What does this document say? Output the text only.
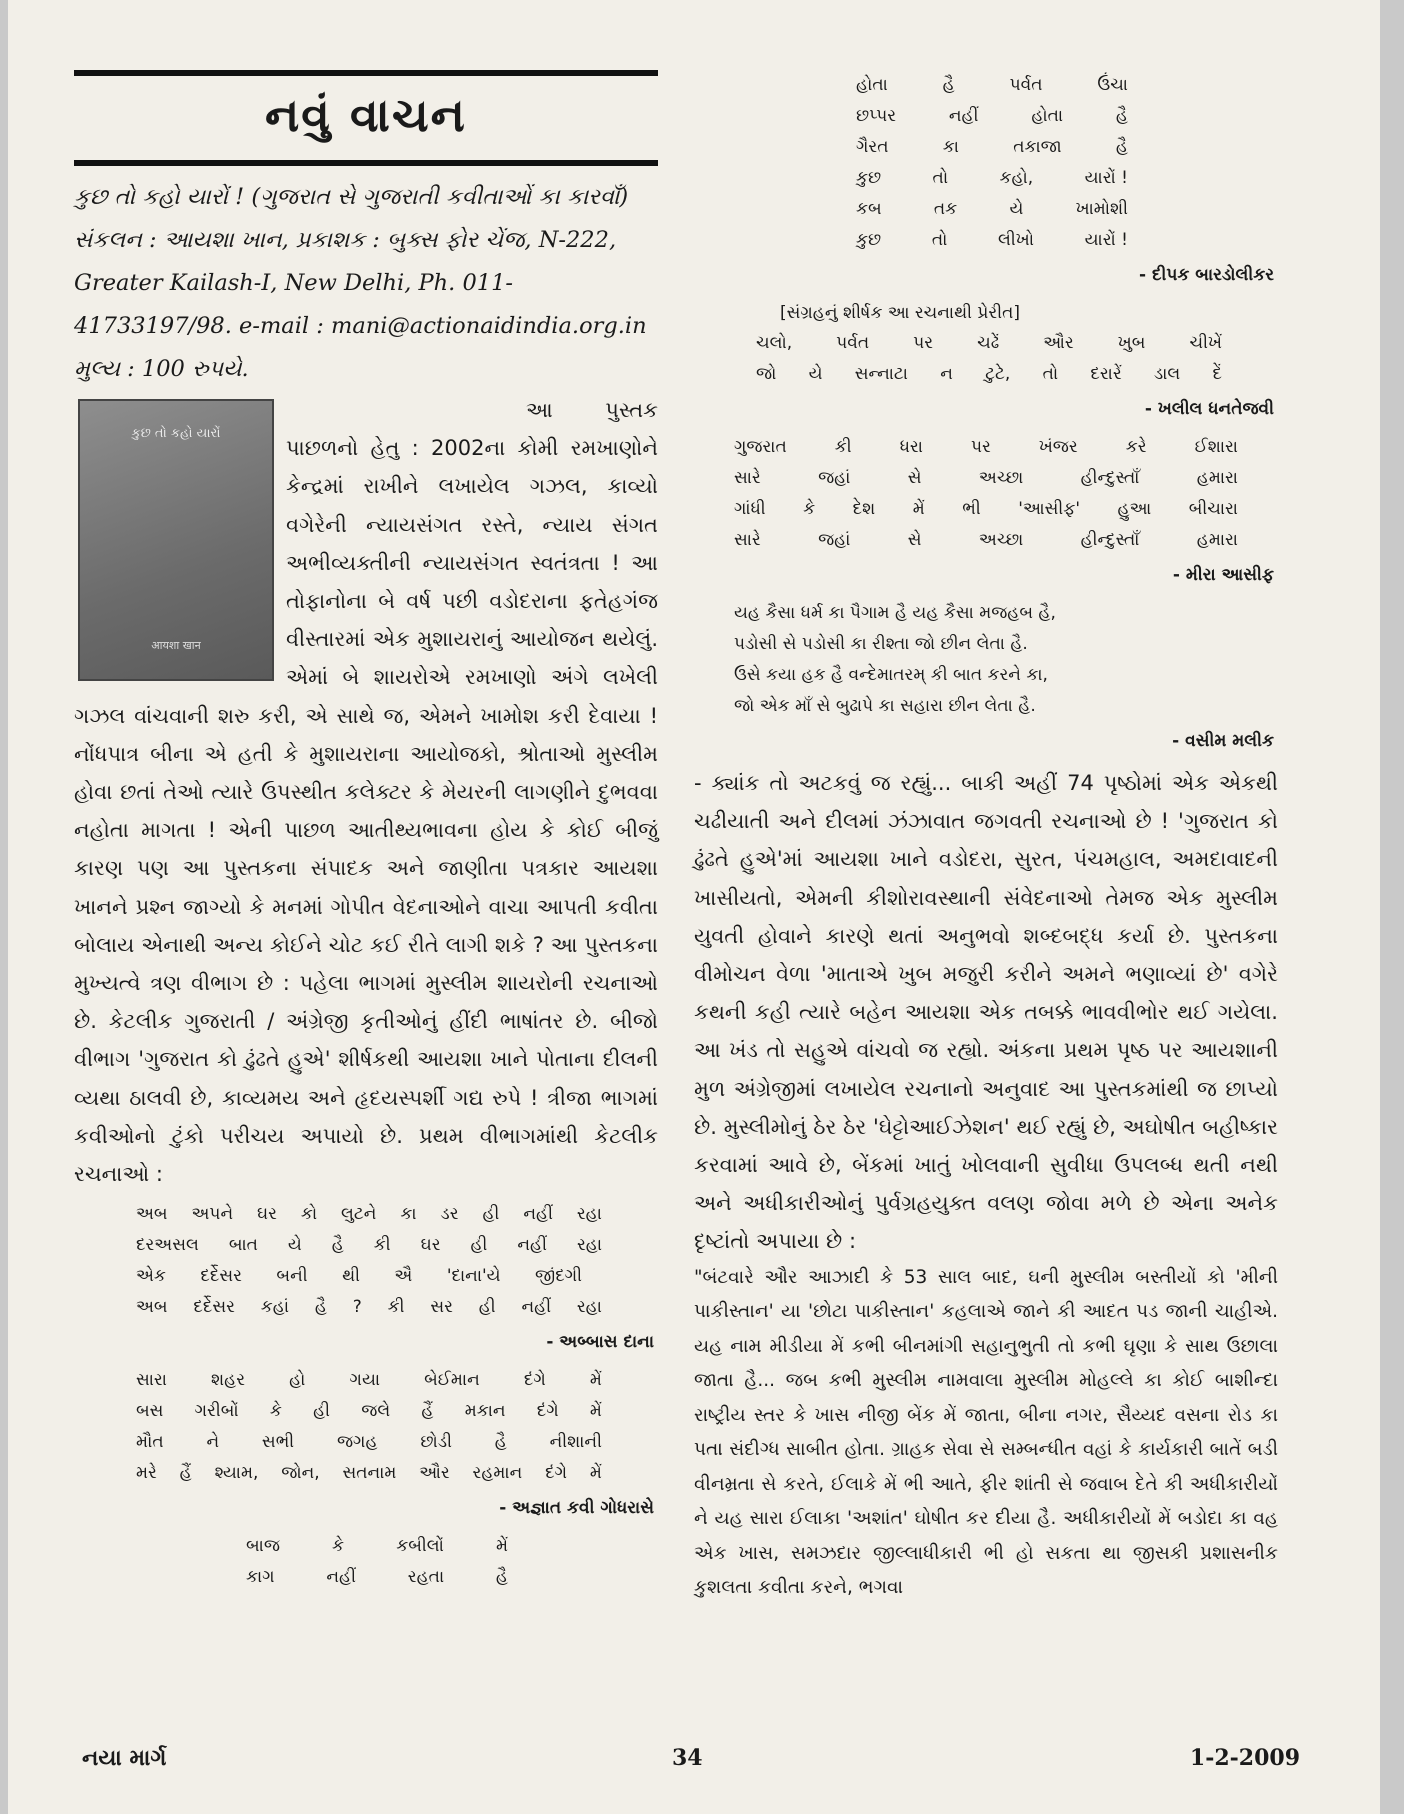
નવું વાચન
કુછ તો કહો યારોં ! (ગુજરાત સે ગુજરાતી કવીતાઓં કા કારવાઁ) સંકલન : આયશા ખાન, પ્રકાશક : બુક્સ ફોર ચેંજ, N-222, Greater Kailash-I, New Delhi, Ph. 011-41733197/98. e-mail : mani@actionaidindia.org.in મુલ્ય : 100 રુપયે.
કુછ તો કહો યારોં
आयशा खान
આ પુસ્તક પાછળનો હેતુ : 2002ના કોમી રમખાણોને કેન્દ્રમાં રાખીને લખાયેલ ગઝલ, કાવ્યો વગેરેની ન્યાયસંગત રસ્તે, ન્યાય સંગત અભીવ્યક્તીની ન્યાયસંગત સ્વતંત્રતા ! આ તોફાનોના બે વર્ષ પછી વડોદરાના ફતેહગંજ વીસ્તારમાં એક મુશાયરાનું આયોજન થયેલું. એમાં બે શાયરોએ રમખાણો અંગે લખેલી ગઝલ વાંચવાની શરુ કરી, એ સાથે જ, એમને ખામોશ કરી દેવાયા ! નોંધપાત્ર બીના એ હતી કે મુશાયરાના આયોજકો, શ્રોતાઓ મુસ્લીમ હોવા છતાં તેઓ ત્યારે ઉપસ્થીત કલેક્ટર કે મેયરની લાગણીને દુભવવા નહોતા માગતા ! એની પાછળ આતીથ્યભાવના હોય કે કોઈ બીજું કારણ પણ આ પુસ્તકના સંપાદક અને જાણીતા પત્રકાર આયશા ખાનને પ્રશ્ન જાગ્યો કે મનમાં ગોપીત વેદનાઓને વાચા આપતી કવીતા બોલાય એનાથી અન્ય કોઈને ચોટ કઈ રીતે લાગી શકે ? આ પુસ્તકના મુખ્યત્વે ત્રણ વીભાગ છે : પહેલા ભાગમાં મુસ્લીમ શાયરોની રચનાઓ છે. કેટલીક ગુજરાતી / અંગ્રેજી કૃતીઓનું હીંદી ભાષાંતર છે. બીજો વીભાગ 'ગુજરાત કો ઢુંઢતે હુએ' શીર્ષકથી આયશા ખાને પોતાના દીલની વ્યથા ઠાલવી છે, કાવ્યમય અને હૃદયસ્પર્શી ગદ્ય રુપે ! ત્રીજા ભાગમાં કવીઓનો ટુંકો પરીચય અપાયો છે. પ્રથમ વીભાગમાંથી કેટલીક રચનાઓ :
અબ અપને ઘર કો લુટને કા ડર હી નહીં રહા
દરઅસલ બાત યે હૈ કી ઘર હી નહીં રહા
એક દર્દેસર બની થી ઐ 'દાના'યે જીંદગી
અબ દર્દેસર કહાં હૈ ? કી સર હી નહીં રહા
- અબ્બાસ દાના
સારા	શહર	હો	ગયા	બેઈમાન	દંગે	મેં
બસ ગરીબોં કે હી જલે હૈં મકાન દંગે મેં
મૌત	ને	સભી	જગહ	છોડી	હૈ	નીશાની
મરે હૈં શ્યામ, જોન, સતનામ ઔર રહમાન દંગે મેં
- અજ્ઞાત કવી ગોધરાસે
બાજ	કે	કબીલોં	મેં
કાગ	નહીં	રહતા	હૈ
હોતા	હૈ	પર્વત	ઉંચા
છપ્પર	નહીં	હોતા	હૈ
ગૈરત	કા	તકાજા	હૈ
કુછ	તો	કહો,	યારોં !
કબ	તક	યે	ખામોશી
કુછ	તો	લીખો	યારોં !
- દીપક બારડોલીકર
[સંગ્રહનું શીર્ષક આ રચનાથી પ્રેરીત]
ચલો,	પર્વત	પર	ચઢેં	ઔર	ખુબ	ચીખેં
જો યે સન્નાટા ન ટુટે, તો દરારેં ડાલ દેં
- ખલીલ ધનતેજવી
ગુજરાત	કી	ધરા	પર	ખંજર	કરે	ઈશારા
સારે	જહાં	સે	અચ્છા	હીન્દુસ્તાઁ	હમારા
ગાંધી કે દેશ મેં ભી 'આસીફ' હુઆ બીચારા
સારે	જહાં	સે	અચ્છા	હીન્દુસ્તાઁ	હમારા
- મીરા આસીફ
યહ કૈસા ધર્મ કા પૈગામ હૈ યહ કૈસા મજહબ હૈ,
પડોસી સે પડોસી કા રીશ્તા જો છીન લેતા હૈ.
ઉસે કયા હક હૈ વન્દેમાતરમ્ કી બાત કરને કા,
જો એક માઁ સે બુઢાપે કા સહારા છીન લેતા હૈ.
- વસીમ મલીક
- ક્યાંક તો અટકવું જ રહ્યું... બાકી અહીં 74 પૃષ્ઠોમાં એક એકથી ચઢીયાતી અને દીલમાં ઝંઝાવાત જગવતી રચનાઓ છે ! 'ગુજરાત કો ઢુંઢતે હુએ'માં આયશા ખાને વડોદરા, સુરત, પંચમહાલ, અમદાવાદની ખાસીયતો, એમની કીશોરાવસ્થાની સંવેદનાઓ તેમજ એક મુસ્લીમ યુવતી હોવાને કારણે થતાં અનુભવો શબ્દબદ્ધ કર્યા છે. પુસ્તકના વીમોચન વેળા 'માતાએ ખુબ મજુરી કરીને અમને ભણાવ્યાં છે' વગેરે કથની કહી ત્યારે બહેન આયશા એક તબક્કે ભાવવીભોર થઈ ગયેલા. આ ખંડ તો સહુએ વાંચવો જ રહ્યો. અંકના પ્રથમ પૃષ્ઠ પર આયશાની મુળ અંગ્રેજીમાં લખાયેલ રચનાનો અનુવાદ આ પુસ્તકમાંથી જ છાપ્યો છે. મુસ્લીમોનું ઠેર ઠેર 'ઘેટ્ટોઆઈઝેશન' થઈ રહ્યું છે, અઘોષીત બહીષ્કાર કરવામાં આવે છે, બેંકમાં ખાતું ખોલવાની સુવીધા ઉપલબ્ધ થતી નથી અને અધીકારીઓનું પુર્વગ્રહયુક્ત વલણ જોવા મળે છે એના અનેક દૃષ્ટાંતો અપાયા છે :
"બંટવારે ઔર આઝાદી કે 53 સાલ બાદ, ઘની મુસ્લીમ બસ્તીયોં કો 'મીની પાકીસ્તાન' યા 'છોટા પાકીસ્તાન' કહલાએ જાને કી આદત પડ જાની ચાહીએ. યહ નામ મીડીયા મેં કભી બીનમાંગી સહાનુભુતી તો કભી ઘૃણા કે સાથ ઉછાલા જાતા હૈ... જબ કભી મુસ્લીમ નામવાલા મુસ્લીમ મોહલ્લે કા કોઈ બાશીન્દા રાષ્ટ્રીય સ્તર કે ખાસ નીજી બેંક મેં જાતા, બીના નગર, સૈય્યદ વસના રોડ કા પતા સંદીગ્ધ સાબીત હોતા. ગ્રાહક સેવા સે સમ્બન્ધીત વહાં કે કાર્યકારી બાતેં બડી વીનમ્રતા સે કરતે, ઈલાકે મેં ભી આતે, ફીર શાંતી સે જવાબ દેતે કી અધીકારીયોં ને યહ સારા ઈલાકા 'અશાંત' ઘોષીત કર દીયા હૈ. અધીકારીયોં મેં બડોદા કા વહ એક ખાસ, સમઝદાર જીલ્લાધીકારી ભી હો સકતા થા જીસકી પ્રશાસનીક કુશલતા કવીતા કરને, ભગવા
નયા માર્ગ	34	1-2-2009
